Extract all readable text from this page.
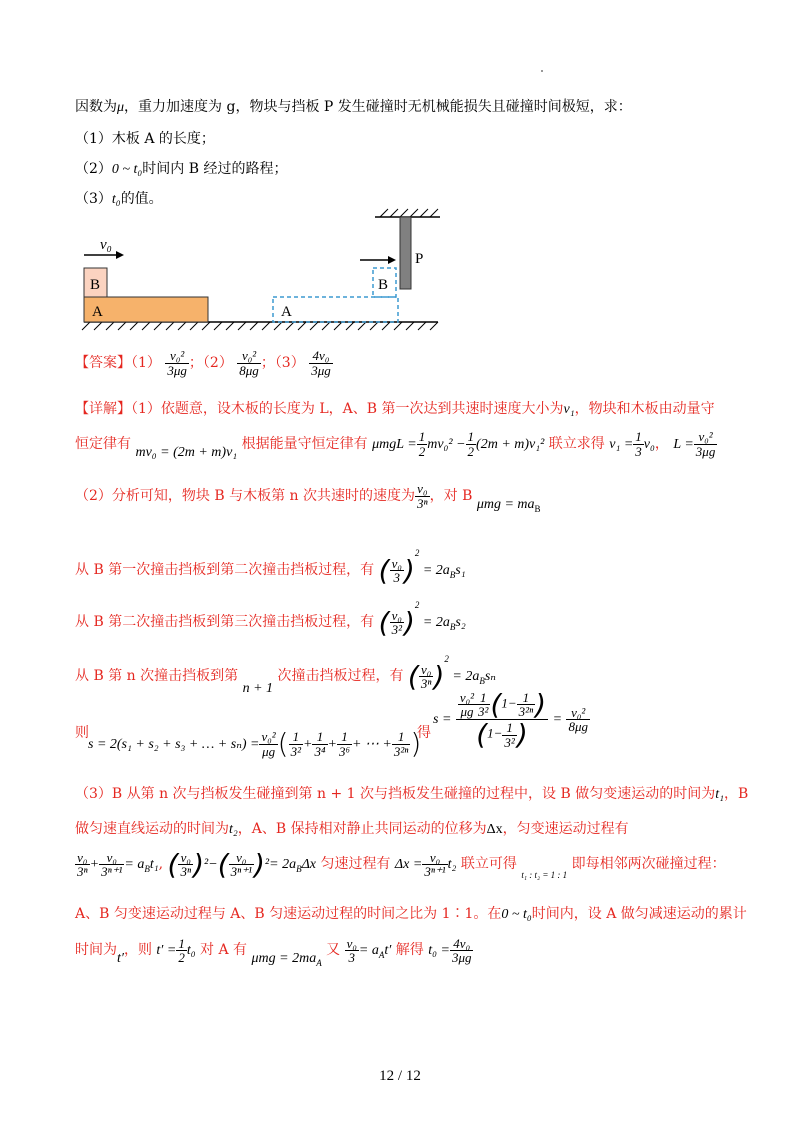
因数为μ，重力加速度为 g，物块与挡板 P 发生碰撞时无机械能损失且碰撞时间极短，求：
（1）木板 A 的长度；
（2）0 ~ t₀时间内 B 经过的路程；
（3）t₀的值。
P
A
B
v₀
A
B
【答案】$(1) \frac{\text{v₀²}}{3\mu g}$ ；$(2) \frac{\text{v₀²}}{8\mu g}$ ；$(3) \frac{\text{4v₀}}{3\mu g}$
【详解】（1）依题意，设木板的长度为 L，A、B 第一次达到共速时速度大小为v₁，物块和木板由动量守
恒定律有 mv₀ = (2m + m)v₁ 根据能量守恒定律有 $\mu mgL = \frac{1}{2} mv_0^2 - \frac{1}{2} (2m + m)v_1^2$ 联立求得 $v_1 = \frac{1}{3} v_0$， $L = \frac{\text{v₀²}}{3\mu g}$
（2）分析可知，物块 B 与木板第 n 次共速时的速度为 $\frac{\text{v₀}}{\text{3ⁿ}}$ ，对 B $\mu mg = ma_B$
从 B 第一次撞击挡板到第二次撞击挡板过程，有 ( $\frac{\text{v₀}}{3} )^2 = 2a_Bs_1$
从 B 第二次撞击挡板到第三次撞击挡板过程，有 ( $\frac{\text{v₀}}{\text{3²}} )^2 = 2a_Bs_2$
从 B 第 n 次撞击挡板到第 n + 1 次撞击挡板过程，有 ( $\frac{\text{v₀}}{\text{3ⁿ}} )^2 = 2a_Bs_n$
则
s = 2(s₁ + s₂ + s₃ + … + $s_n) = \frac{\text{v₀²}}{\mu g}$ ( $\frac{1}{\text{3²}} + \frac{1}{\text{3⁴}} + \frac{1}{\text{3⁶}}$ + ⋯ + $\frac{1}{\text{3²ⁿ}}$ )
得
$s = \frac{\frac{\text{v₀²}}{\mu g} \frac{1}{\text{3²}} (1- \frac{1}{\text{3²ⁿ}} )}{(1- \frac{1}{\text{3²}} )} = \frac{\text{v₀²}}{8\mu g}$
（3）B 从第 n 次与挡板发生碰撞到第 n + 1 次与挡板发生碰撞的过程中，设 B 做匀变速运动的时间为t₁，B
做匀速直线运动的时间为t₂，A、B 保持相对静止共同运动的位移为Δx，匀变速运动过程有
$\frac{\text{v₀}}{\text{3ⁿ}} + \frac{\text{v₀}}{\text{3ⁿ⁺¹}} = a_Bt_1$, ( $\frac{\text{v₀}}{\text{3ⁿ}} )^2-( \frac{\text{v₀}}{\text{3ⁿ⁺¹}} )^2= 2a_B\Delta x$ 匀速过程有 $\Delta x = \frac{\text{v₀}}{\text{3ⁿ⁺¹}} t_2$ 联立可得 $_{t_1 : t_2 = 1 : 1}$ 即每相邻两次碰撞过程：
A、B 匀变速运动过程与 A、B 匀速运动过程的时间之比为 1∶1。在0 ~ t₀时间内，设 A 做匀减速运动的累计
时间为t′，则 $t' = \frac{1}{2} t_0$ 对 A 有 $\mu mg = 2ma_A$ 又 $\frac{\text{v₀}}{3} = a_At'$ 解得 $t_0 = \frac{\text{4v₀}}{3\mu g}$
12 / 12
